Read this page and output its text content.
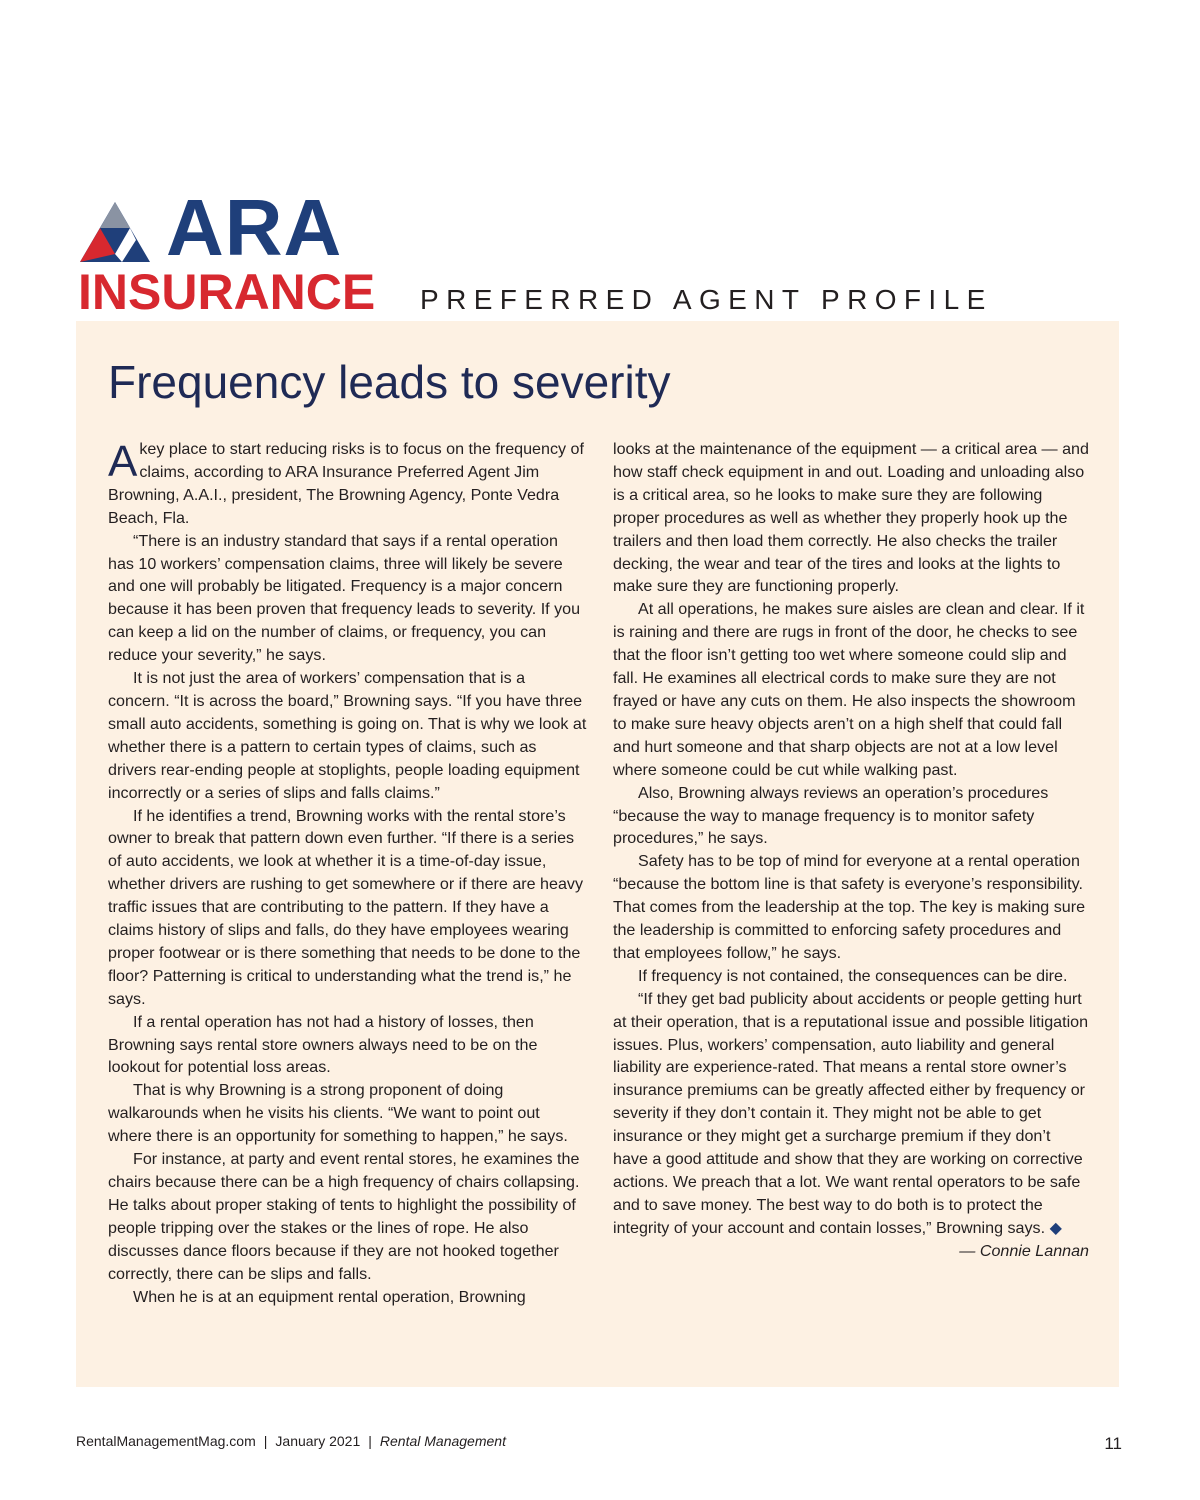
ARA
INSURANCE PREFERRED AGENT PROFILE
Frequency leads to severity

A key place to start reducing risks is to focus on the frequency of claims, according to ARA Insurance Preferred Agent Jim Browning, A.A.I., president, The Browning Agency, Ponte Vedra Beach, Fla.

“There is an industry standard that says if a rental operation has 10 workers’ compensation claims, three will likely be severe and one will probably be litigated. Frequency is a major concern because it has been proven that frequency leads to severity. If you can keep a lid on the number of claims, or frequency, you can reduce your severity,” he says.

It is not just the area of workers’ compensation that is a concern. “It is across the board,” Browning says. “If you have three small auto accidents, something is going on. That is why we look at whether there is a pattern to certain types of claims, such as drivers rear-ending people at stoplights, people loading equipment incorrectly or a series of slips and falls claims.”

If he identifies a trend, Browning works with the rental store’s owner to break that pattern down even further. “If there is a series of auto accidents, we look at whether it is a time-of-day issue, whether drivers are rushing to get somewhere or if there are heavy traffic issues that are contributing to the pattern. If they have a claims history of slips and falls, do they have employees wearing proper footwear or is there something that needs to be done to the floor? Patterning is critical to understanding what the trend is,” he says.

If a rental operation has not had a history of losses, then Browning says rental store owners always need to be on the lookout for potential loss areas.

That is why Browning is a strong proponent of doing walkarounds when he visits his clients. “We want to point out where there is an opportunity for something to happen,” he says.

For instance, at party and event rental stores, he examines the chairs because there can be a high frequency of chairs collapsing. He talks about proper staking of tents to highlight the possibility of people tripping over the stakes or the lines of rope. He also discusses dance floors because if they are not hooked together correctly, there can be slips and falls.

When he is at an equipment rental operation, Browning

looks at the maintenance of the equipment — a critical area — and how staff check equipment in and out. Loading and unloading also is a critical area, so he looks to make sure they are following proper procedures as well as whether they properly hook up the trailers and then load them correctly. He also checks the trailer decking, the wear and tear of the tires and looks at the lights to make sure they are functioning properly.

At all operations, he makes sure aisles are clean and clear. If it is raining and there are rugs in front of the door, he checks to see that the floor isn’t getting too wet where someone could slip and fall. He examines all electrical cords to make sure they are not frayed or have any cuts on them. He also inspects the showroom to make sure heavy objects aren’t on a high shelf that could fall and hurt someone and that sharp objects are not at a low level where someone could be cut while walking past.

Also, Browning always reviews an operation’s procedures “because the way to manage frequency is to monitor safety procedures,” he says.

Safety has to be top of mind for everyone at a rental operation “because the bottom line is that safety is everyone’s responsibility. That comes from the leadership at the top. The key is making sure the leadership is committed to enforcing safety procedures and that employees follow,” he says.

If frequency is not contained, the consequences can be dire.

“If they get bad publicity about accidents or people getting hurt at their operation, that is a reputational issue and possible litigation issues. Plus, workers’ compensation, auto liability and general liability are experience-rated. That means a rental store owner’s insurance premiums can be greatly affected either by frequency or severity if they don’t contain it. They might not be able to get insurance or they might get a surcharge premium if they don’t have a good attitude and show that they are working on corrective actions. We preach that a lot. We want rental operators to be safe and to save money. The best way to do both is to protect the integrity of your account and contain losses,” Browning says. ◆

— Connie Lannan

RentalManagementMag.com | January 2021 | Rental Management	11
